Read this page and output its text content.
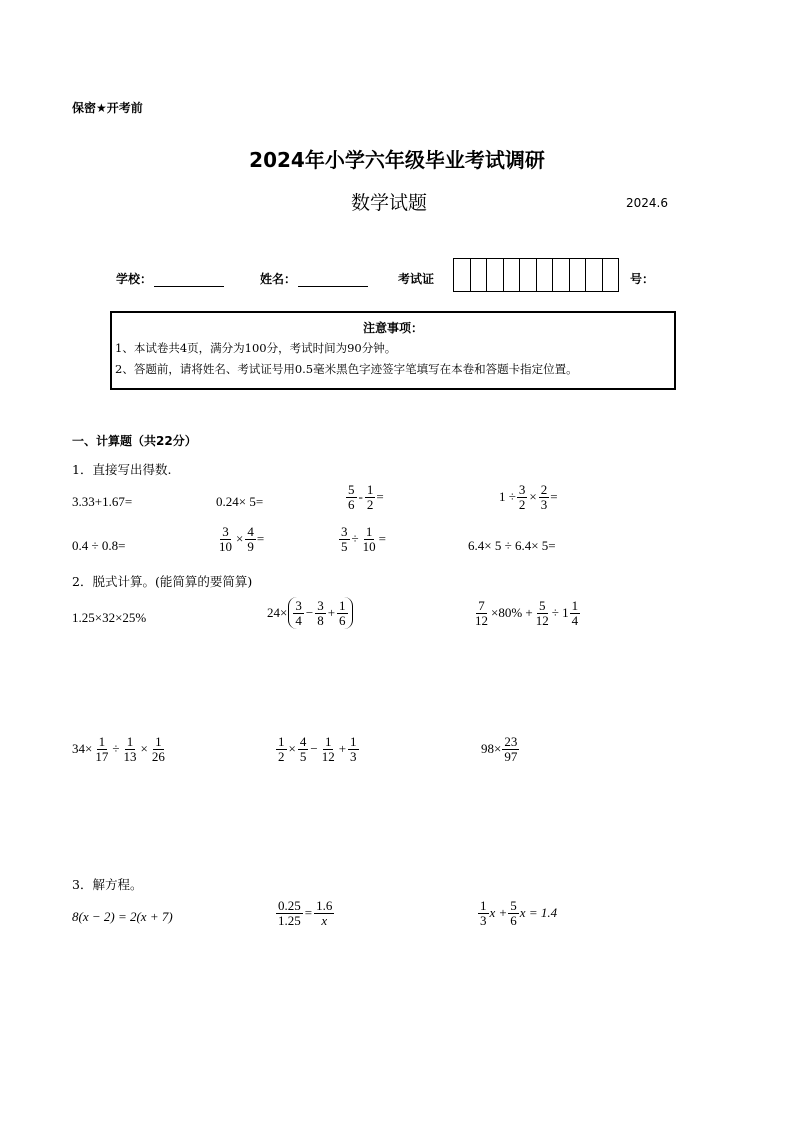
保密★开考前
2024年小学六年级毕业考试调研
数学试题	2024.6
学校：	姓名：	考试证	号：
注意事项：
1、本试卷共4页，满分为100分，考试时间为90分钟。
2、答题前，请将姓名、考试证号用0.5毫米黑色字迹签字笔填写在本卷和答题卡指定位置。
一、计算题（共22分）
1．直接写出得数.
3.33+1.67=	0.24× 5=	$\frac{5}{6} - \frac{1}{2}$ =	$1 \div \frac{3}{2} \times \frac{2}{3}$ =
0.4 ÷ 0.8=	$\frac{3}{10} \times \frac{4}{9}$ =	$\frac{3}{5} \div \frac{1}{10}$ =	6.4× 5 ÷ 6.4× 5=
2．脱式计算。(能简算的要简算)
1.25×32×25%	$24\times \frac{3}{4} - \frac{3}{8} + \frac{1}{6}$	$\frac{7}{12} \times 80\% + \frac{5}{12} \div 1 \frac{1}{4}$
$34\times \frac{1}{17} \div \frac{1}{13} \times \frac{1}{26}$	$\frac{1}{2} \times \frac{4}{5} - \frac{1}{12} + \frac{1}{3}$	$98\times \frac{23}{97}$
3．解方程。
8(x − 2) = 2(x + 7)	$\frac{0.25}{1.25} = \frac{1.6}{x}$	$\frac{1}{3}$ $x + \frac{5}{6}$ x = 1.4
